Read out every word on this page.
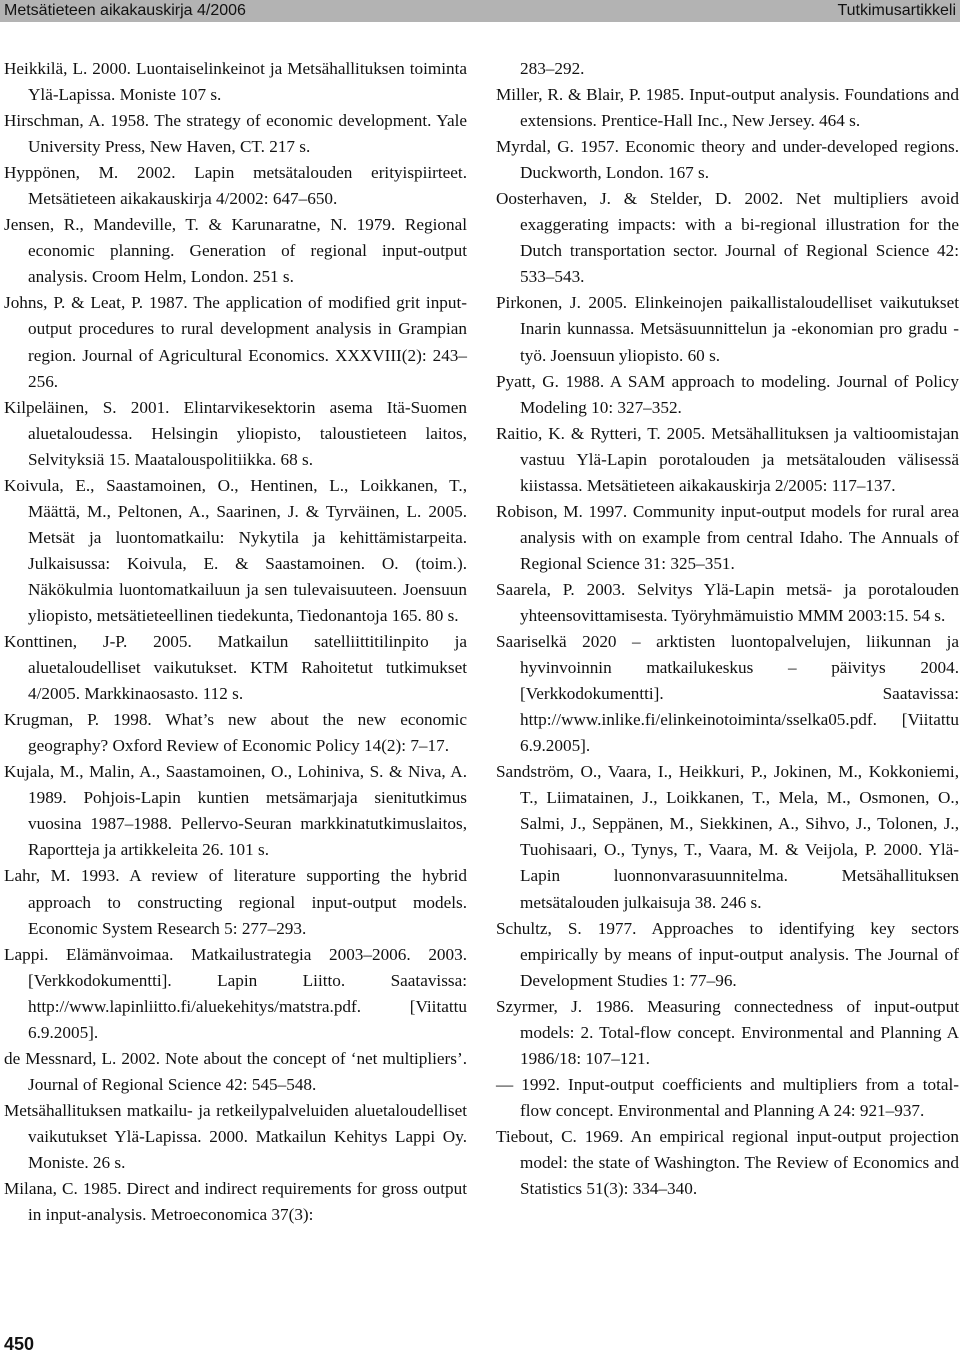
Metsätieteen aikakauskirja 4/2006	Tutkimusartikkeli

Heikkilä, L. 2000. Luontaiselinkeinot ja Metsähallituksen toiminta Ylä-Lapissa. Moniste 107 s.

Hirschman, A. 1958. The strategy of economic development. Yale University Press, New Haven, CT. 217 s.

Hyppönen, M. 2002. Lapin metsätalouden erityispiirteet. Metsätieteen aikakauskirja 4/2002: 647–650.

Jensen, R., Mandeville, T. & Karunaratne, N. 1979. Regional economic planning. Generation of regional input-output analysis. Croom Helm, London. 251 s.

Johns, P. & Leat, P. 1987. The application of modified grit input-output procedures to rural development analysis in Grampian region. Journal of Agricultural Economics. XXXVIII(2): 243–256.

Kilpeläinen, S. 2001. Elintarvikesektorin asema Itä-Suomen aluetaloudessa. Helsingin yliopisto, taloustieteen laitos, Selvityksiä 15. Maatalouspolitiikka. 68 s.

Koivula, E., Saastamoinen, O., Hentinen, L., Loikkanen, T., Määttä, M., Peltonen, A., Saarinen, J. & Tyrväinen, L. 2005. Metsät ja luontomatkailu: Nykytila ja kehittämistarpeita. Julkaisussa: Koivula, E. & Saastamoinen. O. (toim.). Näkökulmia luontomatkailuun ja sen tulevaisuuteen. Joensuun yliopisto, metsätieteellinen tiedekunta, Tiedonantoja 165. 80 s.

Konttinen, J-P. 2005. Matkailun satelliittitilinpito ja aluetaloudelliset vaikutukset. KTM Rahoitetut tutkimukset 4/2005. Markkinaosasto. 112 s.

Krugman, P. 1998. What’s new about the new economic geography? Oxford Review of Economic Policy 14(2): 7–17.

Kujala, M., Malin, A., Saastamoinen, O., Lohiniva, S. & Niva, A. 1989. Pohjois-Lapin kuntien metsämarjaja sienitutkimus vuosina 1987–1988. Pellervo-Seuran markkinatutkimuslaitos, Raportteja ja artikkeleita 26. 101 s.

Lahr, M. 1993. A review of literature supporting the hybrid approach to constructing regional input-output models. Economic System Research 5: 277–293.

Lappi. Elämänvoimaa. Matkailustrategia 2003–2006. 2003. [Verkkodokumentti]. Lapin Liitto. Saatavissa: http://www.lapinliitto.fi/aluekehitys/matstra.pdf. [Viitattu 6.9.2005].

de Messnard, L. 2002. Note about the concept of ‘net multipliers’. Journal of Regional Science 42: 545–548.

Metsähallituksen matkailu- ja retkeilypalveluiden aluetaloudelliset vaikutukset Ylä-Lapissa. 2000. Matkailun Kehitys Lappi Oy. Moniste. 26 s.

Milana, C. 1985. Direct and indirect requirements for gross output in input-analysis. Metroeconomica 37(3):

283–292.

Miller, R. & Blair, P. 1985. Input-output analysis. Foundations and extensions. Prentice-Hall Inc., New Jersey. 464 s.

Myrdal, G. 1957. Economic theory and under-developed regions. Duckworth, London. 167 s.

Oosterhaven, J. & Stelder, D. 2002. Net multipliers avoid exaggerating impacts: with a bi-regional illustration for the Dutch transportation sector. Journal of Regional Science 42: 533–543.

Pirkonen, J. 2005. Elinkeinojen paikallistaloudelliset vaikutukset Inarin kunnassa. Metsäsuunnittelun ja -ekonomian pro gradu -työ. Joensuun yliopisto. 60 s.

Pyatt, G. 1988. A SAM approach to modeling. Journal of Policy Modeling 10: 327–352.

Raitio, K. & Rytteri, T. 2005. Metsähallituksen ja valtioomistajan vastuu Ylä-Lapin porotalouden ja metsätalouden välisessä kiistassa. Metsätieteen aikakauskirja 2/2005: 117–137.

Robison, M. 1997. Community input-output models for rural area analysis with on example from central Idaho. The Annuals of Regional Science 31: 325–351.

Saarela, P. 2003. Selvitys Ylä-Lapin metsä- ja porotalouden yhteensovittamisesta. Työryhmämuistio MMM 2003:15. 54 s.

Saariselkä 2020 – arktisten luontopalvelujen, liikunnan ja hyvinvoinnin matkailukeskus – päivitys 2004. [Verkkodokumentti]. Saatavissa: http://www.inlike.fi/elinkeinotoiminta/sselka05.pdf. [Viitattu 6.9.2005].

Sandström, O., Vaara, I., Heikkuri, P., Jokinen, M., Kokkoniemi, T., Liimatainen, J., Loikkanen, T., Mela, M., Osmonen, O., Salmi, J., Seppänen, M., Siekkinen, A., Sihvo, J., Tolonen, J., Tuohisaari, O., Tynys, T., Vaara, M. & Veijola, P. 2000. Ylä-Lapin luonnonvarasuunnitelma. Metsähallituksen metsätalouden julkaisuja 38. 246 s.

Schultz, S. 1977. Approaches to identifying key sectors empirically by means of input-output analysis. The Journal of Development Studies 1: 77–96.

Szyrmer, J. 1986. Measuring connectedness of input-output models: 2. Total-flow concept. Environmental and Planning A 1986/18: 107–121.

— 1992. Input-output coefficients and multipliers from a total-flow concept. Environmental and Planning A 24: 921–937.

Tiebout, C. 1969. An empirical regional input-output projection model: the state of Washington. The Review of Economics and Statistics 51(3): 334–340.

450
